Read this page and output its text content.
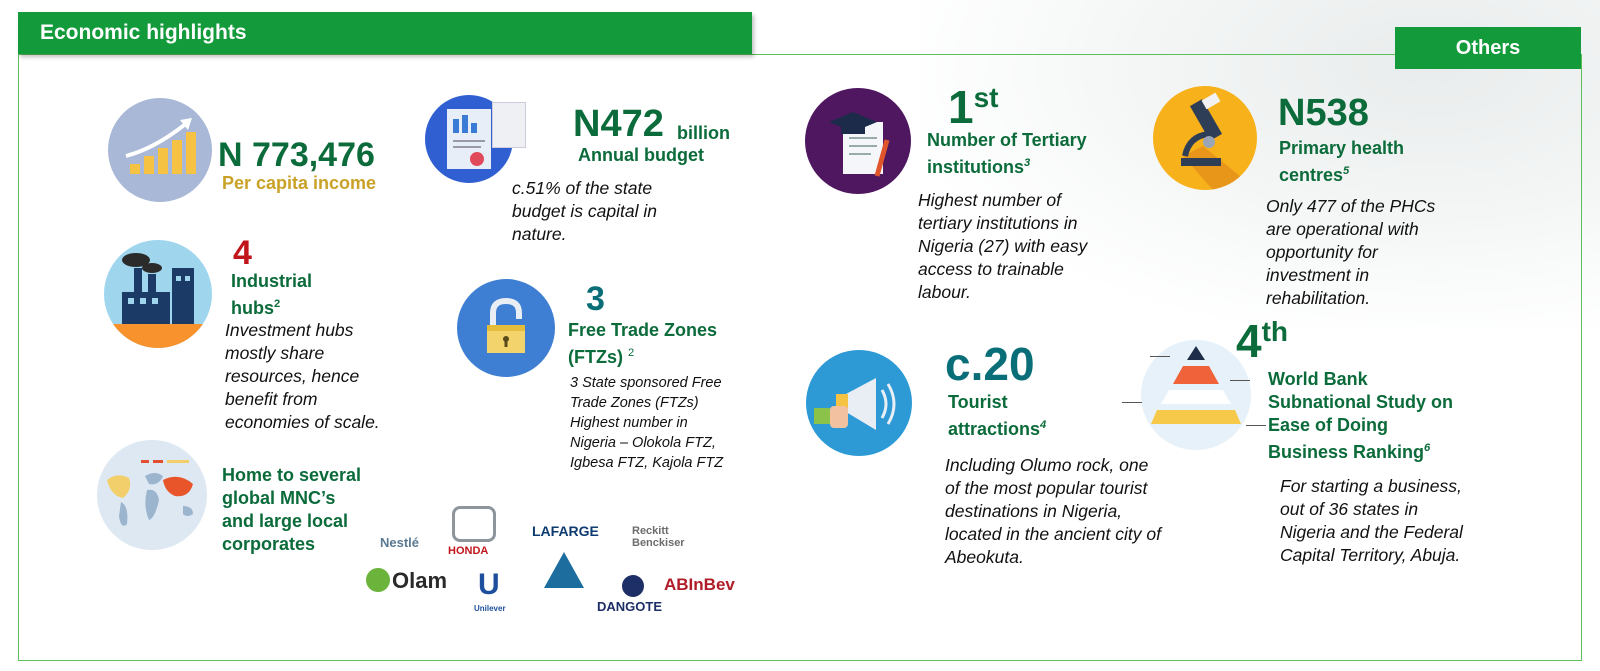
Economic highlights
Others
N 773,476
Per capita income
N472 billion
Annual budget
c.51% of the state budget is capital in nature.
4
Industrial hubs$^2$
Investment hubs mostly share resources, hence benefit from economies of scale.
3
Free Trade Zones (FTZs) $^2$
3 State sponsored Free Trade Zones (FTZs) Highest number in Nigeria – Olokola FTZ, Igbesa FTZ, Kajola FTZ
Home to several global MNC’s and large local corporates	Nestlé
HONDA
LAFARGE	Reckitt Benckiser
Olam U
Unilever
ABInBev
DANGOTE
1st
Number of Tertiary institutions$^3$
Highest number of tertiary institutions in Nigeria (27) with easy access to trainable labour.
N538
Primary health centres$^5$
Only 477 of the PHCs are operational with opportunity for investment in rehabilitation.
c.20
Tourist attractions$^4$
Including Olumo rock, one of the most popular tourist destinations in Nigeria, located in the ancient city of Abeokuta.
4th
World Bank Subnational Study on Ease of Doing Business Ranking$^6$
For starting a business, out of 36 states in Nigeria and the Federal Capital Territory, Abuja.
